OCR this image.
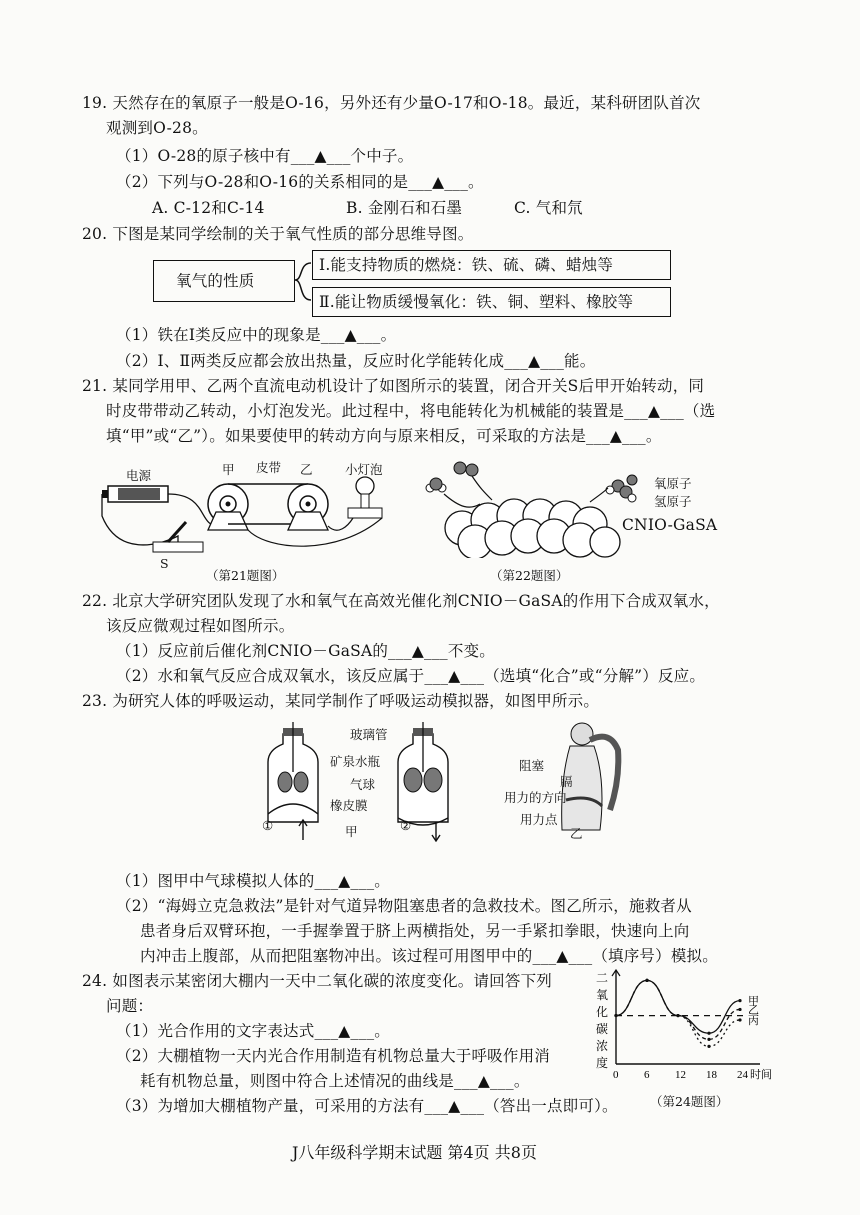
19. 天然存在的氧原子一般是O-16，另外还有少量O-17和O-18。最近，某科研团队首次
观测到O-28。
（1）O-28的原子核中有___▲___个中子。
（2）下列与O-28和O-16的关系相同的是___▲___。
A. C-12和C-14	B. 金刚石和石墨	C. 气和氘
20. 下图是某同学绘制的关于氧气性质的部分思维导图。
氧气的性质
Ⅰ.能支持物质的燃烧：铁、硫、磷、蜡烛等
Ⅱ.能让物质缓慢氧化：铁、铜、塑料、橡胶等
（1）铁在Ⅰ类反应中的现象是___▲___。
（2）Ⅰ、Ⅱ两类反应都会放出热量，反应时化学能转化成___▲___能。
21. 某同学用甲、乙两个直流电动机设计了如图所示的装置，闭合开关S后甲开始转动，同
时皮带带动乙转动，小灯泡发光。此过程中，将电能转化为机械能的装置是___▲___（选
填“甲”或“乙”）。如果要使甲的转动方向与原来相反，可采取的方法是___▲___。
电源	甲 皮带 乙	小灯泡
S
（第21题图）
氧原子
氢原子
CNIO-GaSA
（第22题图）
22. 北京大学研究团队发现了水和氧气在高效光催化剂CNIO－GaSA的作用下合成双氧水，
该反应微观过程如图所示。
（1）反应前后催化剂CNIO－GaSA的___▲___不变。
（2）水和氧气反应合成双氧水，该反应属于___▲___（选填“化合”或“分解”）反应。
23. 为研究人体的呼吸运动，某同学制作了呼吸运动模拟器，如图甲所示。
玻璃管
矿泉水瓶
气球
橡皮膜
①	②
甲
阻塞
膈
用力的方向
用力点
乙
（1）图甲中气球模拟人体的___▲___。
（2）“海姆立克急救法”是针对气道异物阻塞患者的急救技术。图乙所示，施救者从
患者身后双臂环抱，一手握拳置于脐上两横指处，另一手紧扣拳眼，快速向上向
内冲击上腹部，从而把阻塞物冲出。该过程可用图甲中的___▲___（填序号）模拟。
24. 如图表示某密闭大棚内一天中二氧化碳的浓度变化。请回答下列
问题：
（1）光合作用的文字表达式___▲___。
（2）大棚植物一天内光合作用制造有机物总量大于呼吸作用消
耗有机物总量，则图中符合上述情况的曲线是___▲___。
（3）为增加大棚植物产量，可采用的方法有___▲___（答出一点即可）。	（第24题图）
二
氧
化
碳
浓
度
0 6 12 18 24 时间
甲
乙
丙
J八年级科学期末试题 第4页 共8页
